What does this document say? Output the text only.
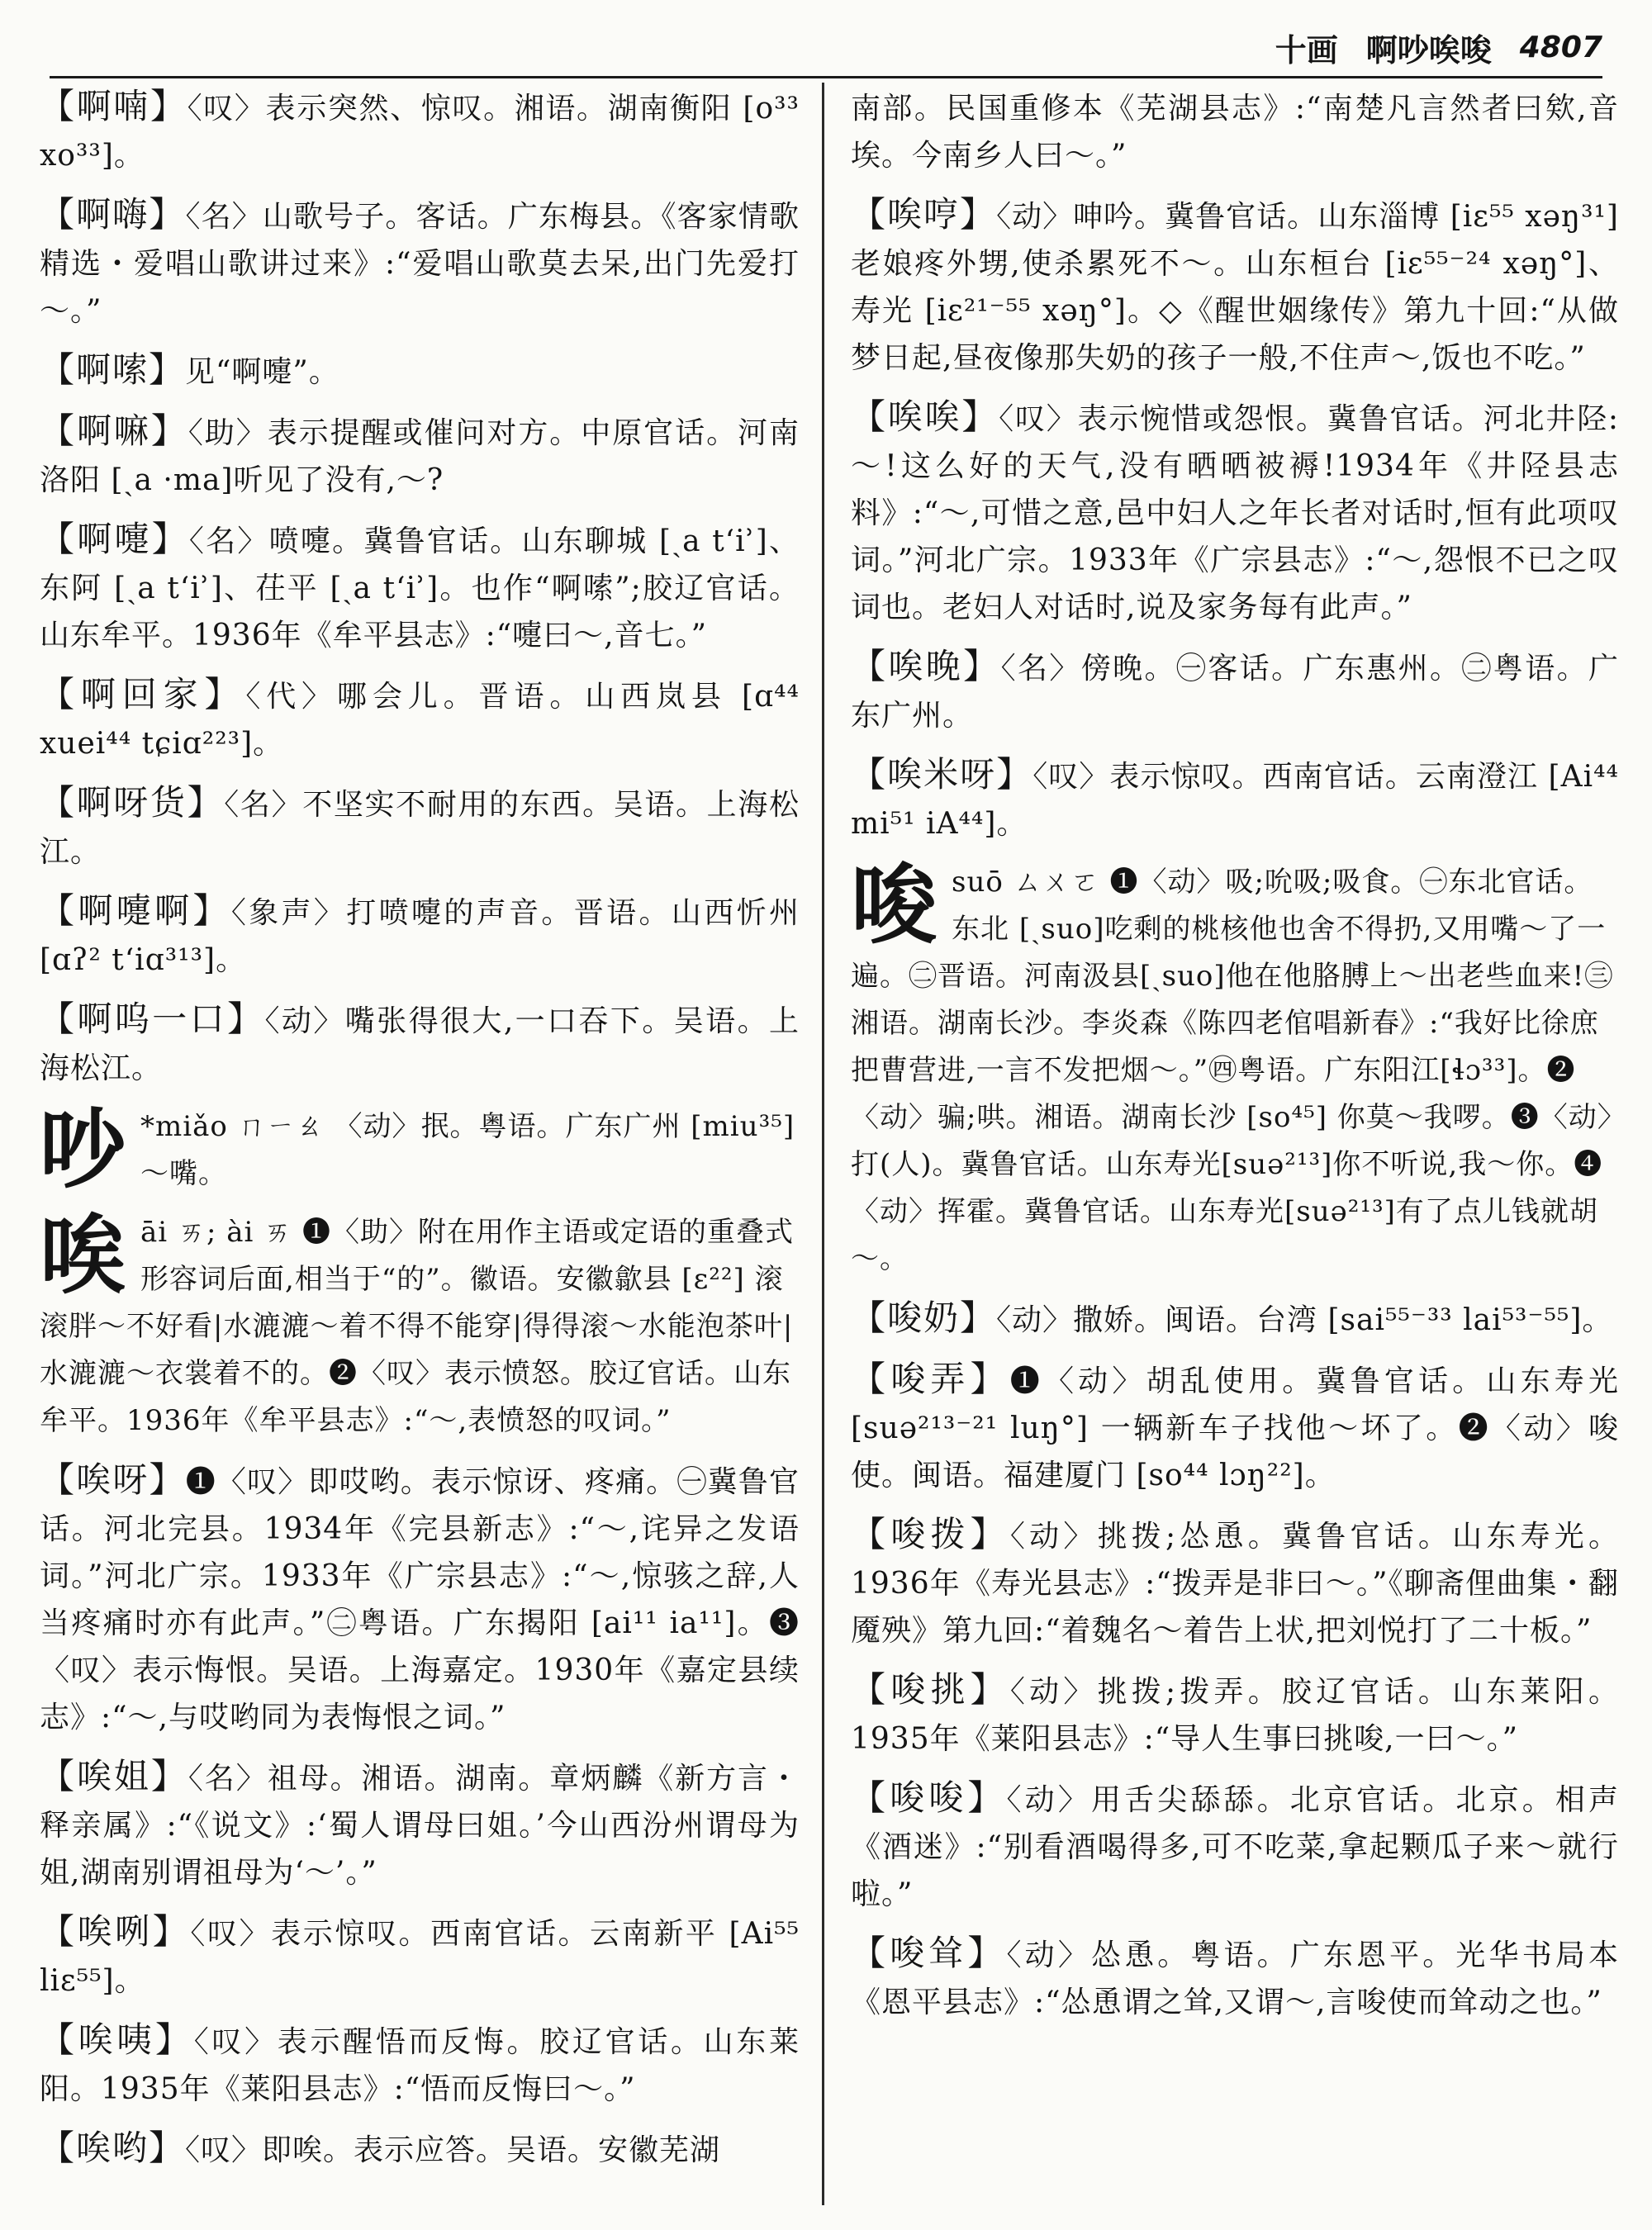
十画 啊吵唉唆 4807
【啊喃】〈叹〉表示突然、惊叹。湘语。湖南衡阳 [o³³ xo³³]。
【啊嗨】〈名〉山歌号子。客话。广东梅县。《客家情歌精选・爱唱山歌讲过来》:“爱唱山歌莫去呆,出门先爱打～。”
【啊嗦】见“啊嚏”。
【啊嘛】〈助〉表示提醒或催问对方。中原官话。河南洛阳 [ˏa ·ma]听见了没有,～?
【啊嚏】〈名〉喷嚏。冀鲁官话。山东聊城 [ˏa tʻiʾ]、东阿 [ˏa tʻiʾ]、茌平 [ˏa tʻiʾ]。也作“啊嗦”;胶辽官话。山东牟平。1936年《牟平县志》:“嚏曰～,音七。”
【啊回家】〈代〉哪会儿。晋语。山西岚县 [ɑ⁴⁴ xuei⁴⁴ tɕiɑ²²³]。
【啊呀货】〈名〉不坚实不耐用的东西。吴语。上海松江。
【啊嚏啊】〈象声〉打喷嚏的声音。晋语。山西忻州 [ɑʔ² tʻiɑ³¹³]。
【啊呜一口】〈动〉嘴张得很大,一口吞下。吴语。上海松江。
吵 *miǎo ㄇㄧㄠ 〈动〉抿。粤语。广东广州 [miu³⁵]～嘴。
唉āi ㄞ; ài ㄞ ❶〈助〉附在用作主语或定语的重叠式形容词后面,相当于“的”。徽语。安徽歙县 [ɛ²²] 滚滚胖～不好看|水漉漉～着不得不能穿|得得滚～水能泡茶叶|水漉漉～衣裳着不的。❷〈叹〉表示愤怒。胶辽官话。山东牟平。1936年《牟平县志》:“～,表愤怒的叹词。”
【唉呀】❶〈叹〉即哎哟。表示惊讶、疼痛。㊀冀鲁官话。河北完县。1934年《完县新志》:“～,诧异之发语词。”河北广宗。1933年《广宗县志》:“～,惊骇之辞,人当疼痛时亦有此声。”㊁粤语。广东揭阳 [ai¹¹ ia¹¹]。❸〈叹〉表示悔恨。吴语。上海嘉定。1930年《嘉定县续志》:“～,与哎哟同为表悔恨之词。”
【唉姐】〈名〉祖母。湘语。湖南。章炳麟《新方言・释亲属》:“《说文》:‘蜀人谓母曰姐。’今山西汾州谓母为姐,湖南别谓祖母为‘～’。”
【唉咧】〈叹〉表示惊叹。西南官话。云南新平 [Ai⁵⁵ liɛ⁵⁵]。
【唉咦】〈叹〉表示醒悟而反悔。胶辽官话。山东莱阳。1935年《莱阳县志》:“悟而反悔曰～。”
【唉哟】〈叹〉即唉。表示应答。吴语。安徽芜湖
南部。民国重修本《芜湖县志》:“南楚凡言然者曰欸,音埃。今南乡人曰～。”
【唉哼】〈动〉呻吟。冀鲁官话。山东淄博 [iɛ⁵⁵ xəŋ³¹]老娘疼外甥,使杀累死不～。山东桓台 [iɛ⁵⁵⁻²⁴ xəŋ°]、寿光 [iɛ²¹⁻⁵⁵ xəŋ°]。◇《醒世姻缘传》第九十回:“从做梦日起,昼夜像那失奶的孩子一般,不住声～,饭也不吃。”
【唉唉】〈叹〉表示惋惜或怨恨。冀鲁官话。河北井陉:～!这么好的天气,没有晒晒被褥!1934年《井陉县志料》:“～,可惜之意,邑中妇人之年长者对话时,恒有此项叹词。”河北广宗。1933年《广宗县志》:“～,怨恨不已之叹词也。老妇人对话时,说及家务每有此声。”
【唉晚】〈名〉傍晚。㊀客话。广东惠州。㊁粤语。广东广州。
【唉米呀】〈叹〉表示惊叹。西南官话。云南澄江 [Ai⁴⁴ mi⁵¹ iA⁴⁴]。
唆suō ㄙㄨㄛ ❶〈动〉吸;吮吸;吸食。㊀东北官话。东北 [ˏsuo]吃剩的桃核他也舍不得扔,又用嘴～了一遍。㊁晋语。河南汲县[ˏsuo]他在他胳膊上～出老些血来!㊂湘语。湖南长沙。李炎森《陈四老倌唱新春》:“我好比徐庶把曹营进,一言不发把烟～。”㊃粤语。广东阳江[ɬɔ³³]。❷〈动〉骗;哄。湘语。湖南长沙 [so⁴⁵] 你莫～我啰。❸〈动〉打(人)。冀鲁官话。山东寿光[suə²¹³]你不听说,我～你。❹〈动〉挥霍。冀鲁官话。山东寿光[suə²¹³]有了点儿钱就胡～。
【唆奶】〈动〉撒娇。闽语。台湾 [sai⁵⁵⁻³³ lai⁵³⁻⁵⁵]。
【唆弄】❶〈动〉胡乱使用。冀鲁官话。山东寿光 [suə²¹³⁻²¹ luŋ°] 一辆新车子找他～坏了。❷〈动〉唆使。闽语。福建厦门 [so⁴⁴ lɔŋ²²]。
【唆拨】〈动〉挑拨;怂恿。冀鲁官话。山东寿光。1936年《寿光县志》:“拨弄是非曰～。”《聊斋俚曲集・翻魇殃》第九回:“着魏名～着告上状,把刘悦打了二十板。”
【唆挑】〈动〉挑拨;拨弄。胶辽官话。山东莱阳。1935年《莱阳县志》:“导人生事曰挑唆,一曰～。”
【唆唆】〈动〉用舌尖舔舔。北京官话。北京。相声《酒迷》:“别看酒喝得多,可不吃菜,拿起颗瓜子来～就行啦。”
【唆耸】〈动〉怂恿。粤语。广东恩平。光华书局本《恩平县志》:“怂恿谓之耸,又谓～,言唆使而耸动之也。”
